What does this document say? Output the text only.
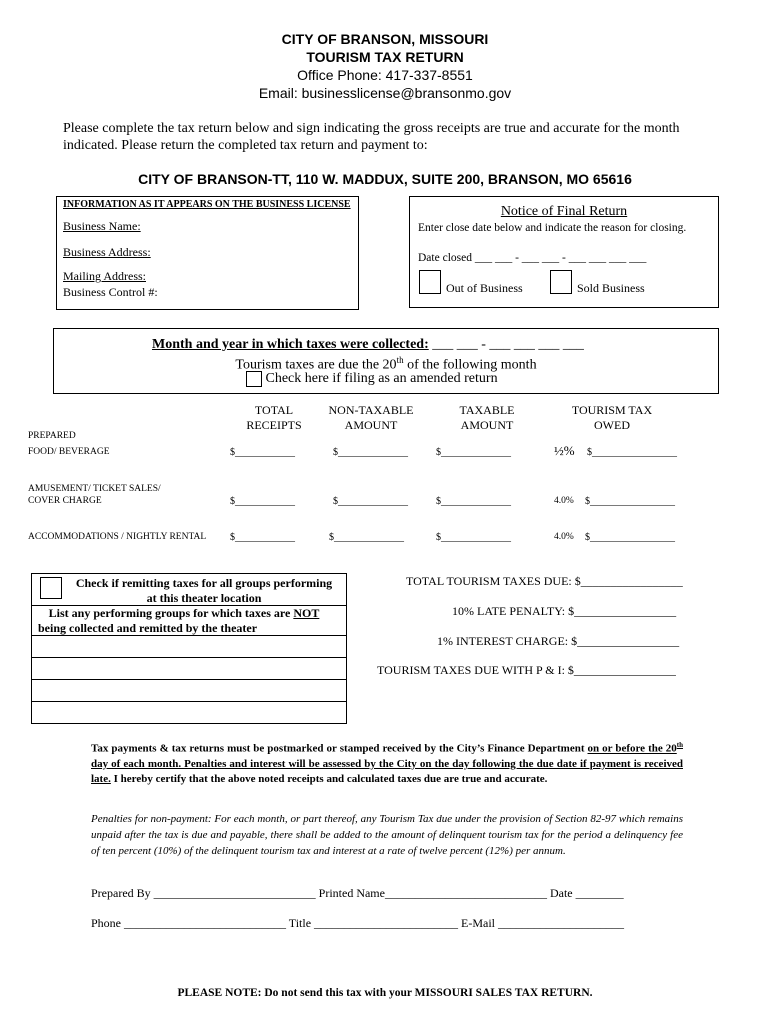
CITY OF BRANSON, MISSOURI
TOURISM TAX RETURN
Office Phone: 417-337-8551
Email: businesslicense@bransonmo.gov
Please complete the tax return below and sign indicating the gross receipts are true and accurate for the month indicated. Please return the completed tax return and payment to:
CITY OF BRANSON-TT, 110 W. MADDUX, SUITE 200, BRANSON, MO 65616
INFORMATION AS IT APPEARS ON THE BUSINESS LICENSE
Business Name:
Business Address:
Mailing Address:
Business Control #:
Notice of Final Return
Enter close date below and indicate the reason for closing.
Date closed ___ ___ - ___ ___ - ___ ___ ___ ___
Out of Business	Sold Business
Month and year in which taxes were collected: ___ ___ - ___ ___ ___ ___
Tourism taxes are due the 20th of the following month
Check here if filing as an amended return
TOTAL
RECEIPTS
NON-TAXABLE
AMOUNT
TAXABLE
AMOUNT
TOURISM TAX
OWED
PREPARED
FOOD/ BEVERAGE	$____________	$______________	$______________	½% $_________________
AMUSEMENT/ TICKET SALES/
COVER CHARGE	$____________	$______________	$______________	4.0% $_________________
ACCOMMODATIONS / NIGHTLY RENTAL $____________	$______________	$______________	4.0% $_________________
Check if remitting taxes for all groups performing
at this theater location
List any performing groups for which taxes are NOT
being collected and remitted by the theater
TOTAL TOURISM TAXES DUE: $_________________
10% LATE PENALTY: $_________________
1% INTEREST CHARGE: $_________________
TOURISM TAXES DUE WITH P & I: $_________________
Tax payments & tax returns must be postmarked or stamped received by the City’s Finance Department on or before the 20th day of each month. Penalties and interest will be assessed by the City on the day following the due date if payment is received late. I hereby certify that the above noted receipts and calculated taxes due are true and accurate.
Penalties for non-payment: For each month, or part thereof, any Tourism Tax due under the provision of Section 82-97 which remains unpaid after the tax is due and payable, there shall be added to the amount of delinquent tourism tax for the period a delinquency fee of ten percent (10%) of the delinquent tourism tax and interest at a rate of twelve percent (12%) per annum.
Prepared By ___________________________ Printed Name___________________________ Date ________
Phone ___________________________ Title ________________________ E-Mail _____________________
PLEASE NOTE: Do not send this tax with your MISSOURI SALES TAX RETURN.
